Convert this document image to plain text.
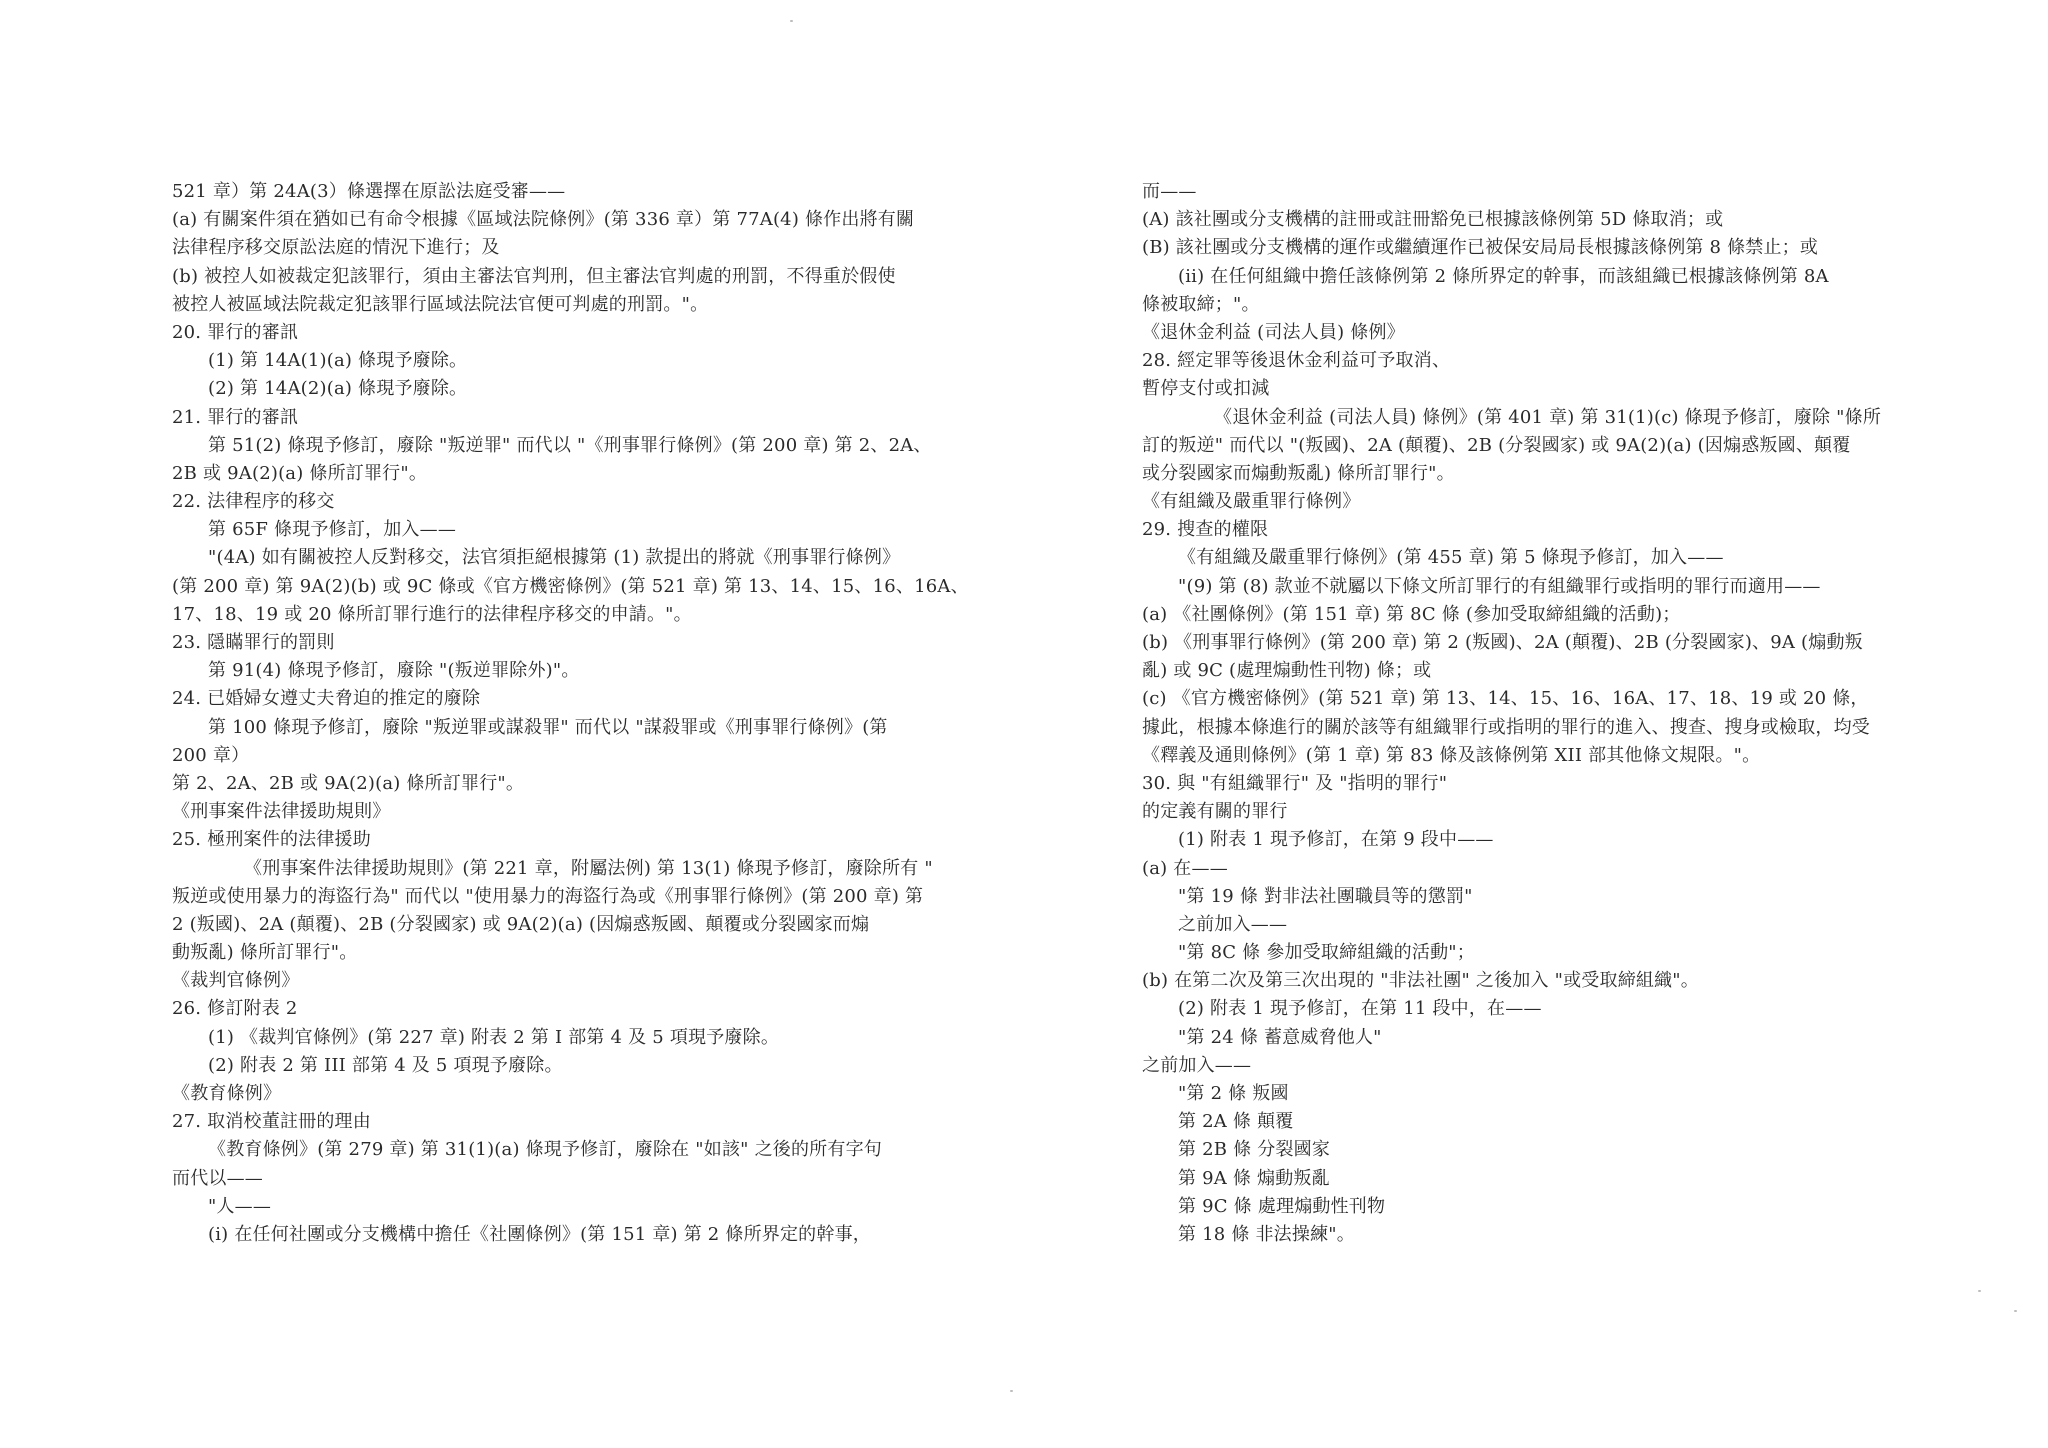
521 章）第 24A(3）條選擇在原訟法庭受審——
(a) 有關案件須在猶如已有命令根據《區域法院條例》(第 336 章）第 77A(4) 條作出將有關
法律程序移交原訟法庭的情況下進行；及
(b) 被控人如被裁定犯該罪行，須由主審法官判刑，但主審法官判處的刑罰，不得重於假使
被控人被區域法院裁定犯該罪行區域法院法官便可判處的刑罰。"。
20. 罪行的審訊
(1) 第 14A(1)(a) 條現予廢除。
(2) 第 14A(2)(a) 條現予廢除。
21. 罪行的審訊
第 51(2) 條現予修訂，廢除 "叛逆罪" 而代以 "《刑事罪行條例》(第 200 章) 第 2、2A、
2B 或 9A(2)(a) 條所訂罪行"。
22. 法律程序的移交
第 65F 條現予修訂，加入——
"(4A) 如有關被控人反對移交，法官須拒絕根據第 (1) 款提出的將就《刑事罪行條例》
(第 200 章) 第 9A(2)(b) 或 9C 條或《官方機密條例》(第 521 章) 第 13、14、15、16、16A、
17、18、19 或 20 條所訂罪行進行的法律程序移交的申請。"。
23. 隱瞞罪行的罰則
第 91(4) 條現予修訂，廢除 "(叛逆罪除外)"。
24. 已婚婦女遵丈夫脅迫的推定的廢除
第 100 條現予修訂，廢除 "叛逆罪或謀殺罪" 而代以 "謀殺罪或《刑事罪行條例》(第
200 章）
第 2、2A、2B 或 9A(2)(a) 條所訂罪行"。
《刑事案件法律援助規則》
25. 極刑案件的法律援助
《刑事案件法律援助規則》(第 221 章，附屬法例) 第 13(1) 條現予修訂，廢除所有 "
叛逆或使用暴力的海盜行為" 而代以 "使用暴力的海盜行為或《刑事罪行條例》(第 200 章) 第
2 (叛國)、2A (顛覆)、2B (分裂國家) 或 9A(2)(a) (因煽惑叛國、顛覆或分裂國家而煽
動叛亂) 條所訂罪行"。
《裁判官條例》
26. 修訂附表 2
(1) 《裁判官條例》(第 227 章) 附表 2 第 I 部第 4 及 5 項現予廢除。
(2) 附表 2 第 III 部第 4 及 5 項現予廢除。
《教育條例》
27. 取消校董註冊的理由
《教育條例》(第 279 章) 第 31(1)(a) 條現予修訂，廢除在 "如該" 之後的所有字句
而代以——
"人——
(i) 在任何社團或分支機構中擔任《社團條例》(第 151 章) 第 2 條所界定的幹事，
而——
(A) 該社團或分支機構的註冊或註冊豁免已根據該條例第 5D 條取消；或
(B) 該社團或分支機構的運作或繼續運作已被保安局局長根據該條例第 8 條禁止；或
(ii) 在任何組織中擔任該條例第 2 條所界定的幹事，而該組織已根據該條例第 8A
條被取締；"。
《退休金利益 (司法人員) 條例》
28. 經定罪等後退休金利益可予取消、
暫停支付或扣減
《退休金利益 (司法人員) 條例》(第 401 章) 第 31(1)(c) 條現予修訂，廢除 "條所
訂的叛逆" 而代以 "(叛國)、2A (顛覆)、2B (分裂國家) 或 9A(2)(a) (因煽惑叛國、顛覆
或分裂國家而煽動叛亂) 條所訂罪行"。
《有組織及嚴重罪行條例》
29. 搜查的權限
《有組織及嚴重罪行條例》(第 455 章) 第 5 條現予修訂，加入——
"(9) 第 (8) 款並不就屬以下條文所訂罪行的有組織罪行或指明的罪行而適用——
(a) 《社團條例》(第 151 章) 第 8C 條 (參加受取締組織的活動)；
(b) 《刑事罪行條例》(第 200 章) 第 2 (叛國)、2A (顛覆)、2B (分裂國家)、9A (煽動叛
亂) 或 9C (處理煽動性刊物) 條；或
(c) 《官方機密條例》(第 521 章) 第 13、14、15、16、16A、17、18、19 或 20 條，
據此，根據本條進行的關於該等有組織罪行或指明的罪行的進入、搜查、搜身或檢取，均受
《釋義及通則條例》(第 1 章) 第 83 條及該條例第 XII 部其他條文規限。"。
30. 與 "有組織罪行" 及 "指明的罪行"
的定義有關的罪行
(1) 附表 1 現予修訂，在第 9 段中——
(a) 在——
"第 19 條 對非法社團職員等的懲罰"
之前加入——
"第 8C 條 參加受取締組織的活動"；
(b) 在第二次及第三次出現的 "非法社團" 之後加入 "或受取締組織"。
(2) 附表 1 現予修訂，在第 11 段中，在——
"第 24 條 蓄意威脅他人"
之前加入——
"第 2 條 叛國
第 2A 條 顛覆
第 2B 條 分裂國家
第 9A 條 煽動叛亂
第 9C 條 處理煽動性刊物
第 18 條 非法操練"。
